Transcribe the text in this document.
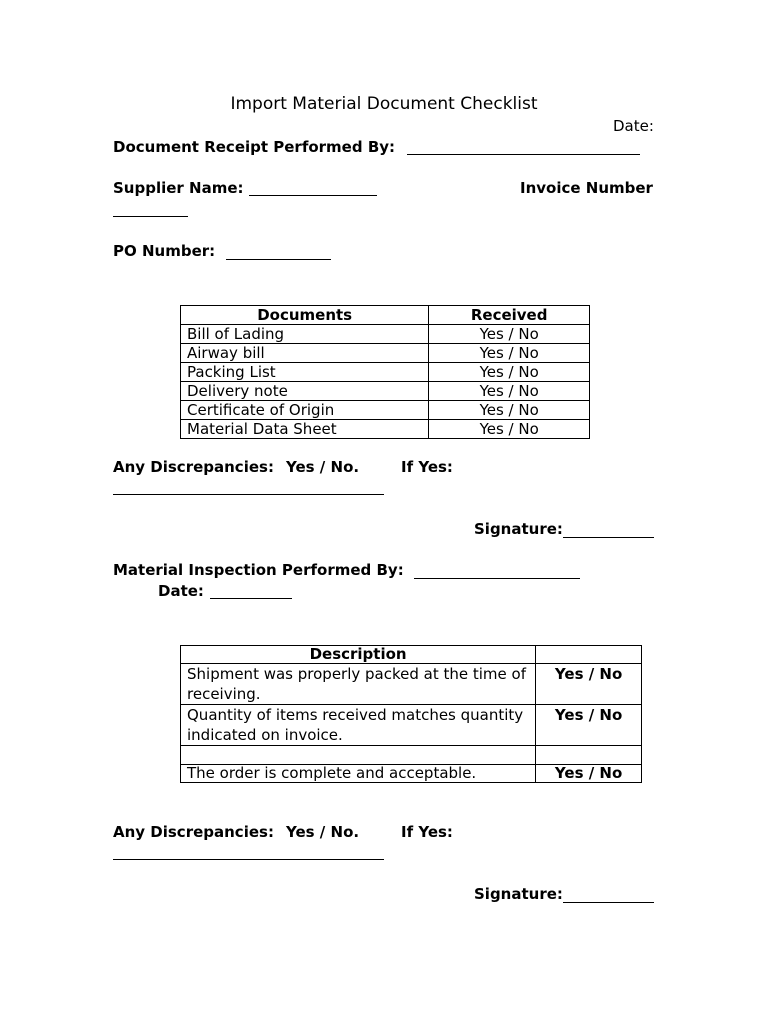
Import Material Document Checklist
Date:
Document Receipt Performed By:
Supplier Name:	Invoice Number
PO Number:
Documents	Received
Bill of Lading	Yes / No
Airway bill	Yes / No
Packing List	Yes / No
Delivery note	Yes / No
Certificate of Origin	Yes / No
Material Data Sheet	Yes / No
Any Discrepancies: Yes / No.	If Yes:
Signature:
Material Inspection Performed By:
Date:
Description	

Shipment was properly packed at the time of
receiving.	Yes / No

Quantity of items received matches quantity
indicated on invoice.	Yes / No

The order is complete and acceptable.	Yes / No
Any Discrepancies: Yes / No.	If Yes:
Signature:
